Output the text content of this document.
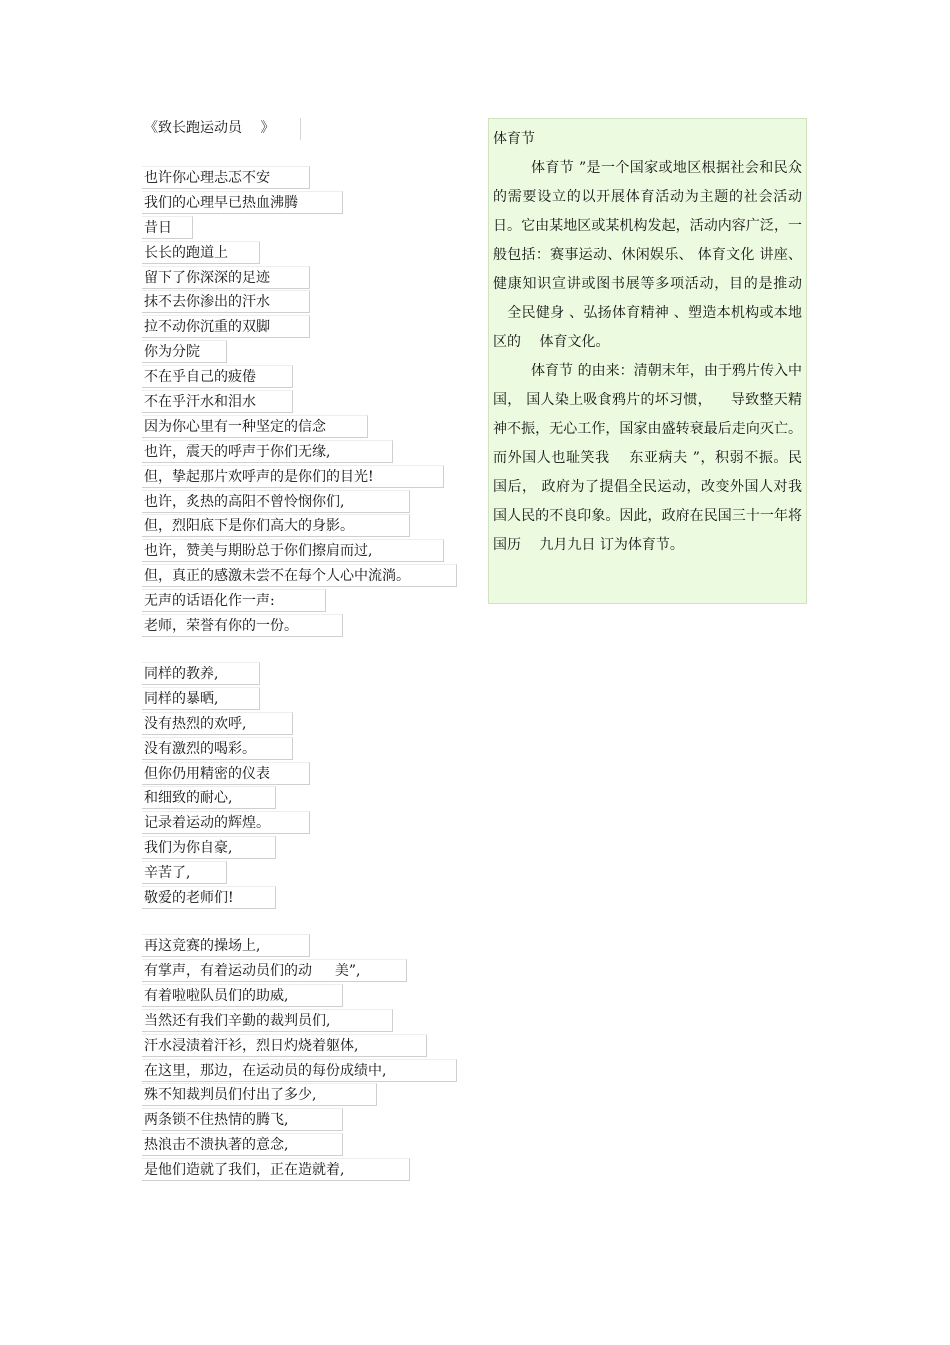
《致长跑运动员 　》
也许你心理忐忑不安
我们的心理早已热血沸腾
昔日
长长的跑道上
留下了你深深的足迹
抹不去你渗出的汗水
拉不动你沉重的双脚
你为分院
不在乎自己的疲倦
不在乎汗水和泪水
因为你心里有一种坚定的信念
也许，震天的呼声于你们无缘,
但，挚起那片欢呼声的是你们的目光!
也许，炙热的高阳不曾怜悯你们,
但，烈阳底下是你们高大的身影。
也许，赞美与期盼总于你们擦肩而过,
但，真正的感激未尝不在每个人心中流淌。
无声的话语化作一声:
老师，荣誉有你的一份。
同样的教养,
同样的暴晒,
没有热烈的欢呼,
没有激烈的喝彩。
但你仍用精密的仪表
和细致的耐心,
记录着运动的辉煌。
我们为你自豪,
辛苦了,
敬爱的老师们!
再这竞赛的操场上,
有掌声，有着运动员们的动 　 美”,
有着啦啦队员们的助威,
当然还有我们辛勤的裁判员们,
汗水浸渍着汗衫，烈日灼烧着躯体,
在这里，那边，在运动员的每份成绩中,
殊不知裁判员们付出了多少,
两条锁不住热情的腾飞,
热浪击不溃执著的意念,
是他们造就了我们，正在造就着,

体育节

体育节 ”是一个国家或地区根据社会和民众的需要设立的以开展体育活动为主题的社会活动日。它由某地区或某机构发起，活动内容广泛，一般包括：赛事运动、休闲娱乐、 体育文化 讲座、 健康知识宣讲或图书展等多项活动，目的是推动 　全民健身 、弘扬体育精神 、塑造本机构或本地区的 　体育文化。

体育节 的由来：清朝末年，由于鸦片传入中国， 国人染上吸食鸦片的坏习惯， 　导致整天精神不振，无心工作，国家由盛转衰最后走向灭亡。 而外国人也耻笑我 　东亚病夫 ”，积弱不振。民国后， 政府为了提倡全民运动，改变外国人对我国人民的不良印象。因此，政府在民国三十一年将国历 　九月九日 订为体育节。
